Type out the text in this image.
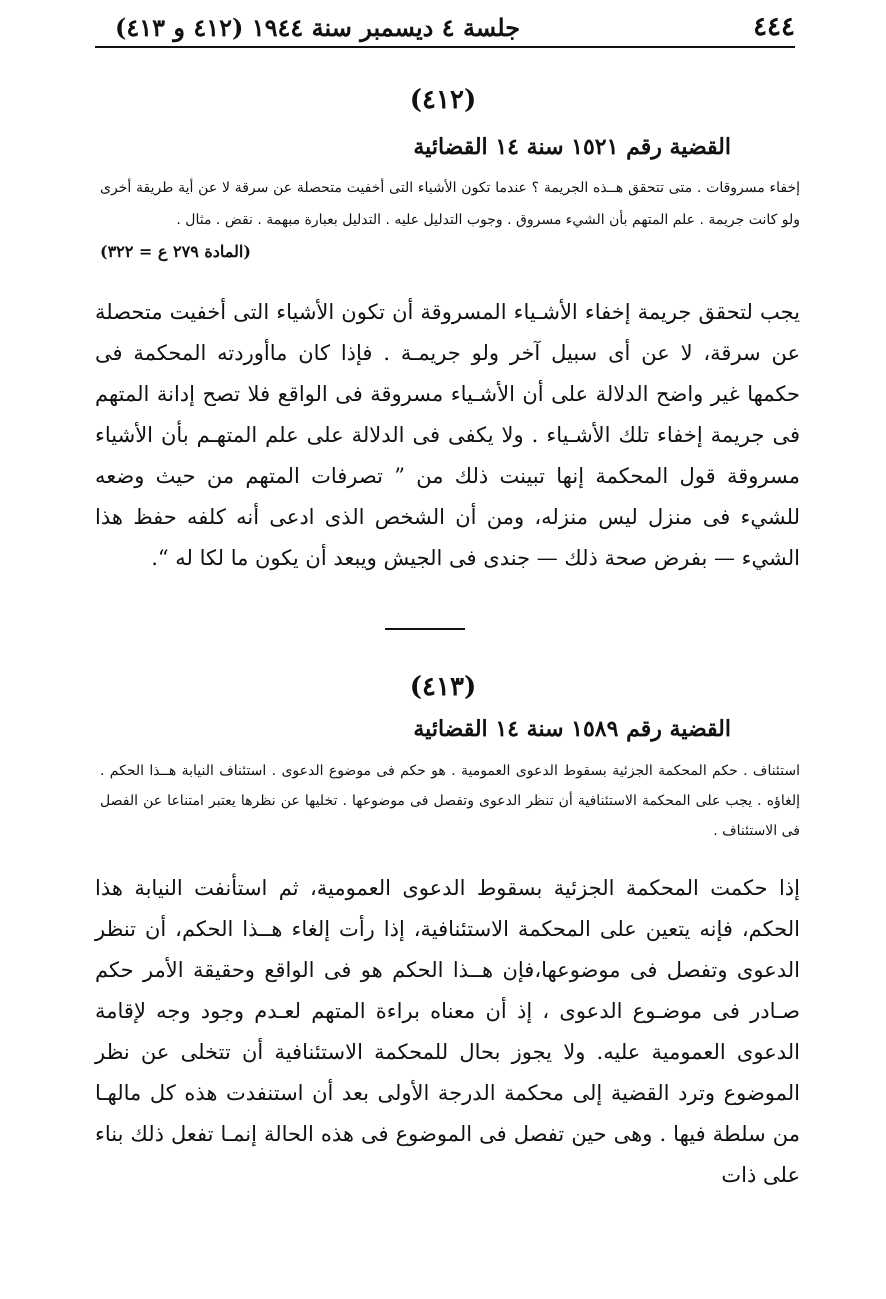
٤٤٤
جلسة ٤ ديسمبر سنة ١٩٤٤ (٤١٢ و ٤١٣)
(٤١٢)
القضية رقم ١٥٢١ سنة ١٤ القضائية
إخفاء مسروقات . متى تتحقق هــذه الجريمة ؟ عندما تكون الأشياء التى أخفيت متحصلة عن سرقة لا عن أية طريقة أخرى ولو كانت جريمة . علم المتهم بأن الشيء مسروق . وجوب التدليل عليه . التدليل بعبارة مبهمة . نقض . مثال .
(المادة ٢٧٩ ع = ٣٢٢)
يجب لتحقق جريمة إخفاء الأشـياء المسروقة أن تكون الأشياء التى أخفيت متحصلة عن سرقة، لا عن أى سبيل آخر ولو جريمـة . فإذا كان ماأوردته المحكمة فى حكمها غير واضح الدلالة على أن الأشـياء مسروقة فى الواقع فلا تصح إدانة المتهم فى جريمة إخفاء تلك الأشـياء . ولا يكفى فى الدلالة على علم المتهـم بأن الأشياء مسروقة قول المحكمة إنها تبينت ذلك من ” تصرفات المتهم من حيث وضعه للشيء فى منزل ليس منزله، ومن أن الشخص الذى ادعى أنه كلفه حفظ هذا الشيء — بفرض صحة ذلك — جندى فى الجيش ويبعد أن يكون ما لكا له “.
(٤١٣)
القضية رقم ١٥٨٩ سنة ١٤ القضائية
استئناف . حكم المحكمة الجزئية بسقوط الدعوى العمومية . هو حكم فى موضوع الدعوى . استئناف النيابة هــذا الحكم . إلغاؤه . يجب على المحكمة الاستئنافية أن تنظر الدعوى وتفصل فى موضوعها . تخليها عن نظرها يعتبر امتناعا عن الفصل فى الاستئناف .
إذا حكمت المحكمة الجزئية بسقوط الدعوى العمومية، ثم استأنفت النيابة هذا الحكم، فإنه يتعين على المحكمة الاستئنافية، إذا رأت إلغاء هــذا الحكم، أن تنظر الدعوى وتفصل فى موضوعها،فإن هــذا الحكم هو فى الواقع وحقيقة الأمر حكم صـادر فى موضـوع الدعوى ، إذ أن معناه براءة المتهم لعـدم وجود وجه لإقامة الدعوى العمومية عليه. ولا يجوز بحال للمحكمة الاستئنافية أن تتخلى عن نظر الموضوع وترد القضية إلى محكمة الدرجة الأولى بعد أن استنفدت هذه كل مالهـا من سلطة فيها . وهى حين تفصل فى الموضوع فى هذه الحالة إنمـا تفعل ذلك بناء على ذات
